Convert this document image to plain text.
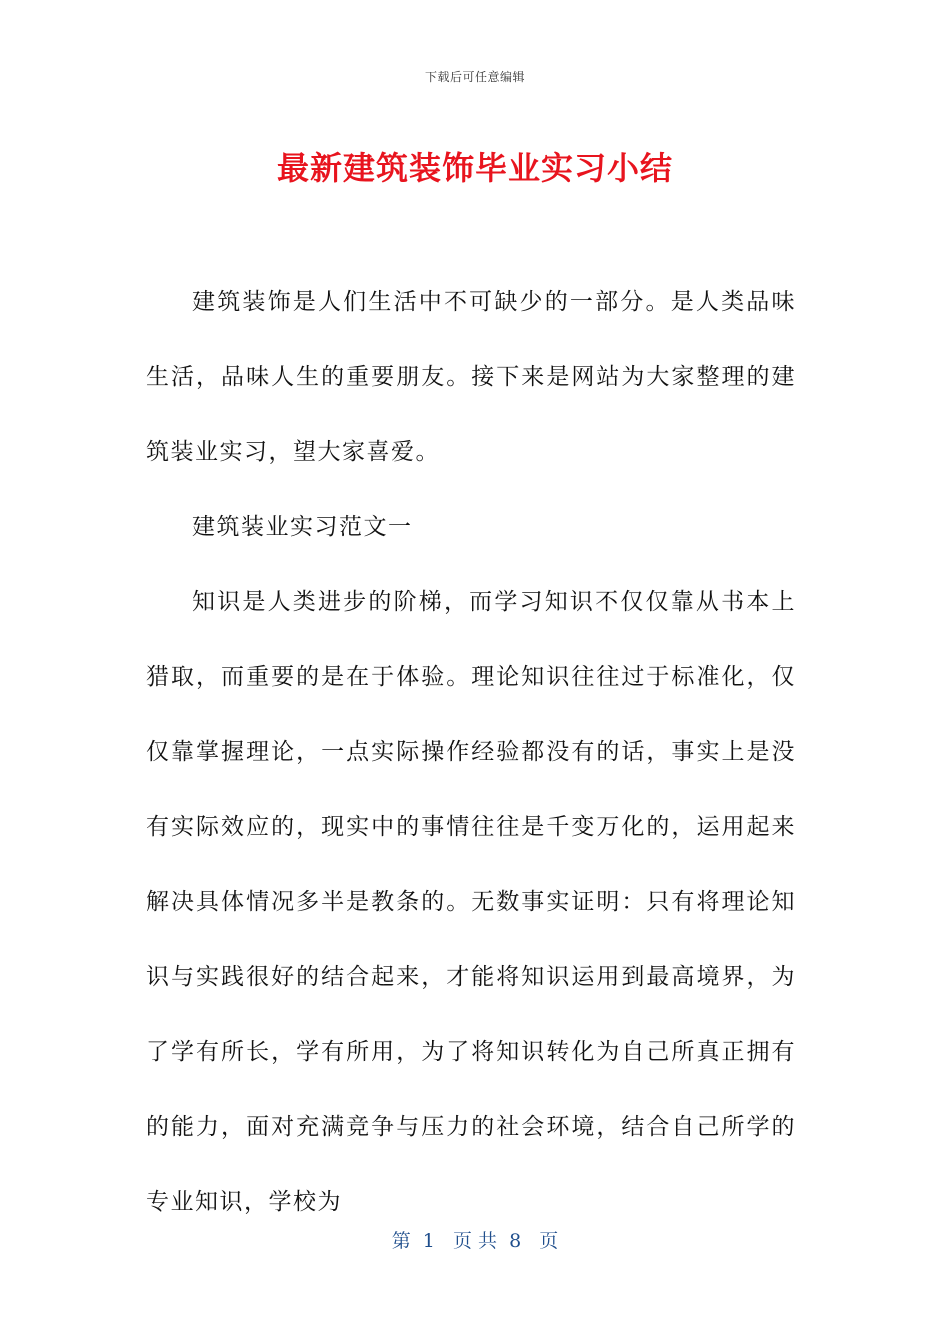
下载后可任意编辑
最新建筑装饰毕业实习小结

建筑装饰是人们生活中不可缺少的一部分。是人类品味生活，品味人生的重要朋友。接下来是网站为大家整理的建筑装业实习，望大家喜爱。

建筑装业实习范文一

知识是人类进步的阶梯，而学习知识不仅仅靠从书本上猎取，而重要的是在于体验。理论知识往往过于标准化，仅仅靠掌握理论，一点实际操作经验都没有的话，事实上是没有实际效应的，现实中的事情往往是千变万化的，运用起来解决具体情况多半是教条的。无数事实证明：只有将理论知识与实践很好的结合起来，才能将知识运用到最高境界，为了学有所长，学有所用，为了将知识转化为自己所真正拥有的能力，面对充满竞争与压力的社会环境，结合自己所学的专业知识，学校为

第  1   页 共  8   页
